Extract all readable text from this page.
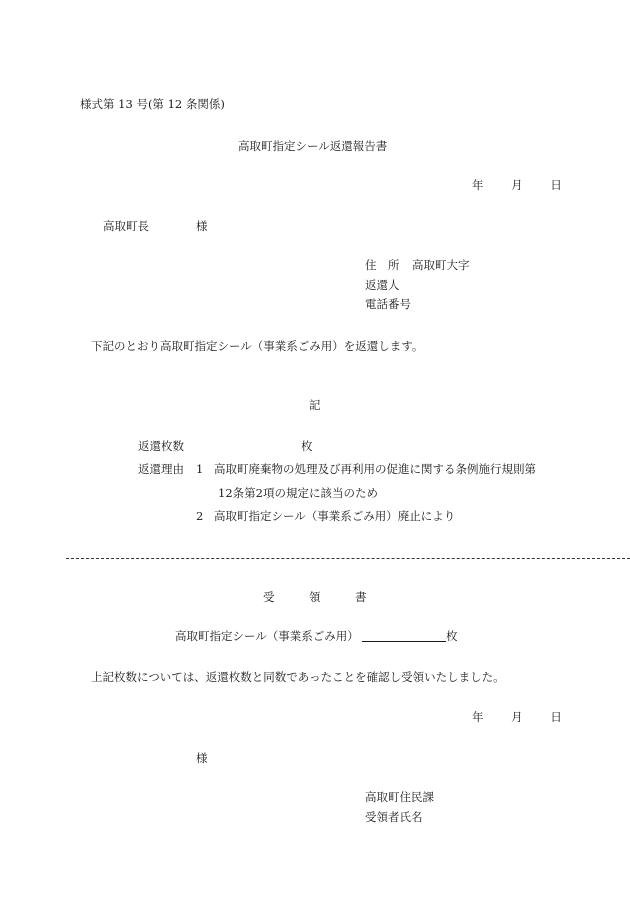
様式第 13 号(第 12 条関係)
高取町指定シール返還報告書
年 月 日
高取町長	様
住　所 高取町大字
返還人
電話番号
下記のとおり高取町指定シール（事業系ごみ用）を返還します。
記
返還枚数	枚
返還理由 1 高取町廃棄物の処理及び再利用の促進に関する条例施行規則第
12条第2項の規定に該当のため
2 高取町指定シール（事業系ごみ用）廃止により
受　　　領　　　書
高取町指定シール（事業系ごみ用）	枚
上記枚数については、返還枚数と同数であったことを確認し受領いたしました。
年 月 日
様
高取町住民課
受領者氏名
